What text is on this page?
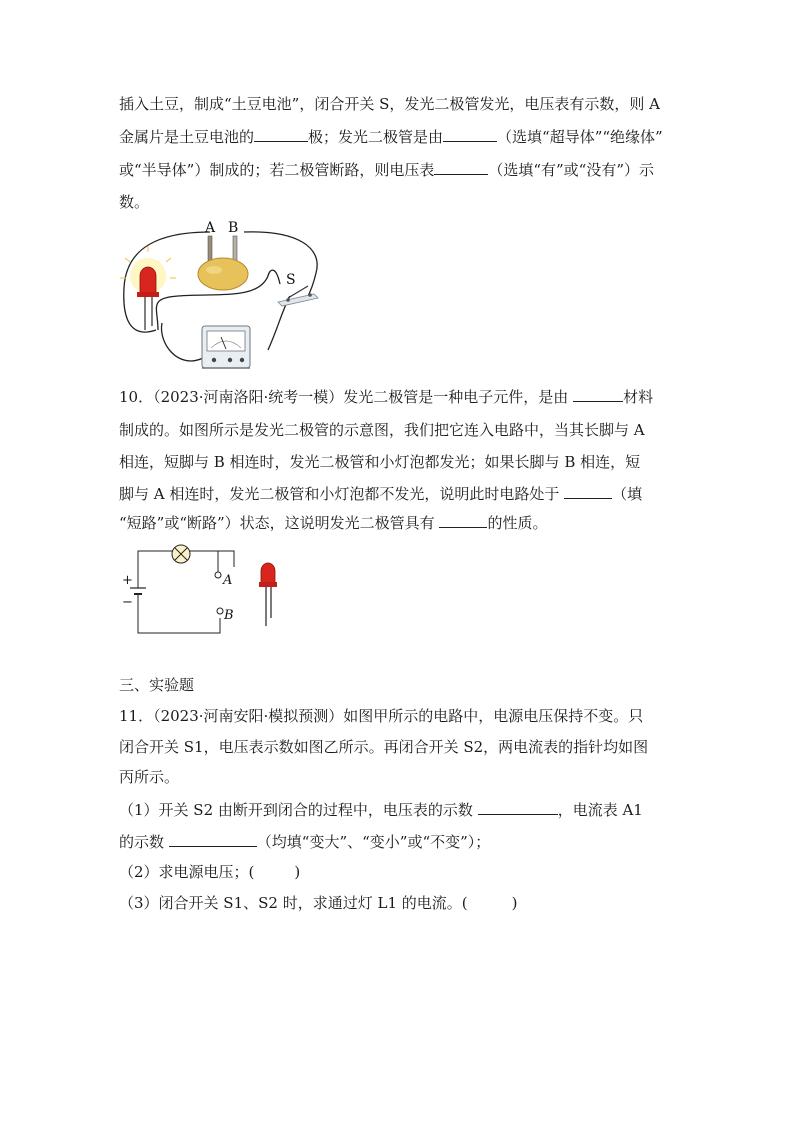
插入土豆，制成“土豆电池”，闭合开关 S，发光二极管发光，电压表有示数，则 A
金属片是土豆电池的	极；发光二极管是由	（选填“超导体”“绝缘体”
或“半导体”）制成的；若二极管断路，则电压表	（选填“有”或“没有”）示
数。
A B
S
10．（2023·河南洛阳·统考一模）发光二极管是一种电子元件，是由	材料
制成的。如图所示是发光二极管的示意图，我们把它连入电路中，当其长脚与 A
相连，短脚与 B 相连时，发光二极管和小灯泡都发光；如果长脚与 B 相连，短
脚与 A 相连时，发光二极管和小灯泡都不发光，说明此时电路处于	（填
“短路”或“断路”）状态，这说明发光二极管具有	的性质。
+
−
A
B
三、实验题
11．（2023·河南安阳·模拟预测）如图甲所示的电路中，电源电压保持不变。只
闭合开关 S1，电压表示数如图乙所示。再闭合开关 S2，两电流表的指针均如图
丙所示。
（1）开关 S2 由断开到闭合的过程中，电压表的示数	，电流表 A1
的示数	（均填“变大”、“变小”或“不变”）；
（2）求电源电压；(	)
（3）闭合开关 S1、S2 时，求通过灯 L1 的电流。(	)
